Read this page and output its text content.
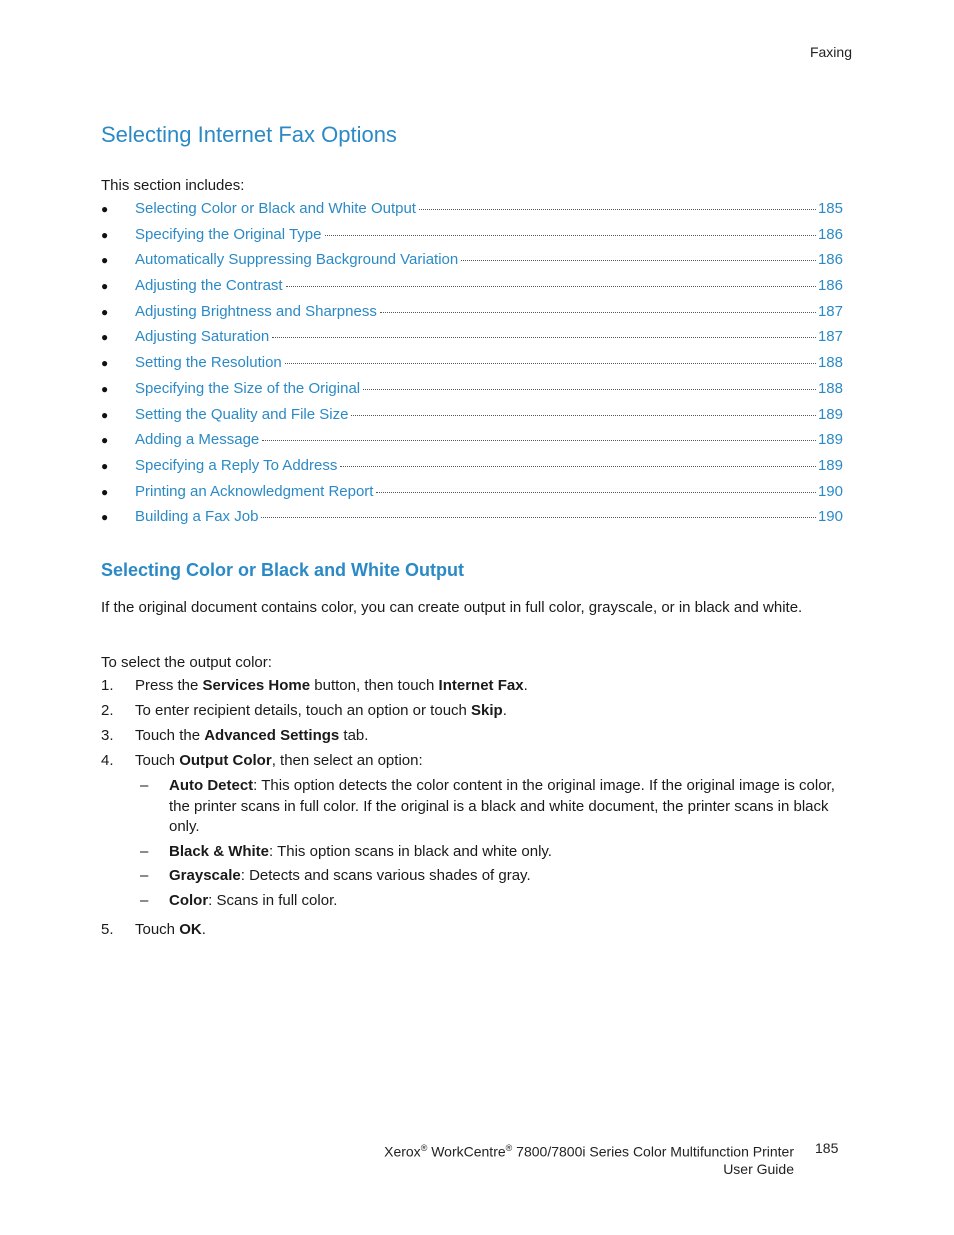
Faxing
Selecting Internet Fax Options
This section includes:
●	Selecting Color or Black and White Output	185
●	Specifying the Original Type	186
●	Automatically Suppressing Background Variation	186
●	Adjusting the Contrast	186
●	Adjusting Brightness and Sharpness	187
●	Adjusting Saturation	187
●	Setting the Resolution	188
●	Specifying the Size of the Original	188
●	Setting the Quality and File Size	189
●	Adding a Message	189
●	Specifying a Reply To Address	189
●	Printing an Acknowledgment Report	190
●	Building a Fax Job	190
Selecting Color or Black and White Output

If the original document contains color, you can create output in full color, grayscale, or in black and white.

To select the output color:

1.	Press the Services Home button, then touch Internet Fax.
2.	To enter recipient details, touch an option or touch Skip.
3.	Touch the Advanced Settings tab.
4.	Touch Output Color, then select an option:
–	Auto Detect: This option detects the color content in the original image. If the original image is color, the printer scans in full color. If the original is a black and white document, the printer scans in black only.
–	Black & White: This option scans in black and white only.
–	Grayscale: Detects and scans various shades of gray.
–	Color: Scans in full color.
5.	Touch OK.
Xerox® WorkCentre® 7800/7800i Series Color Multifunction Printer
User Guide
185
